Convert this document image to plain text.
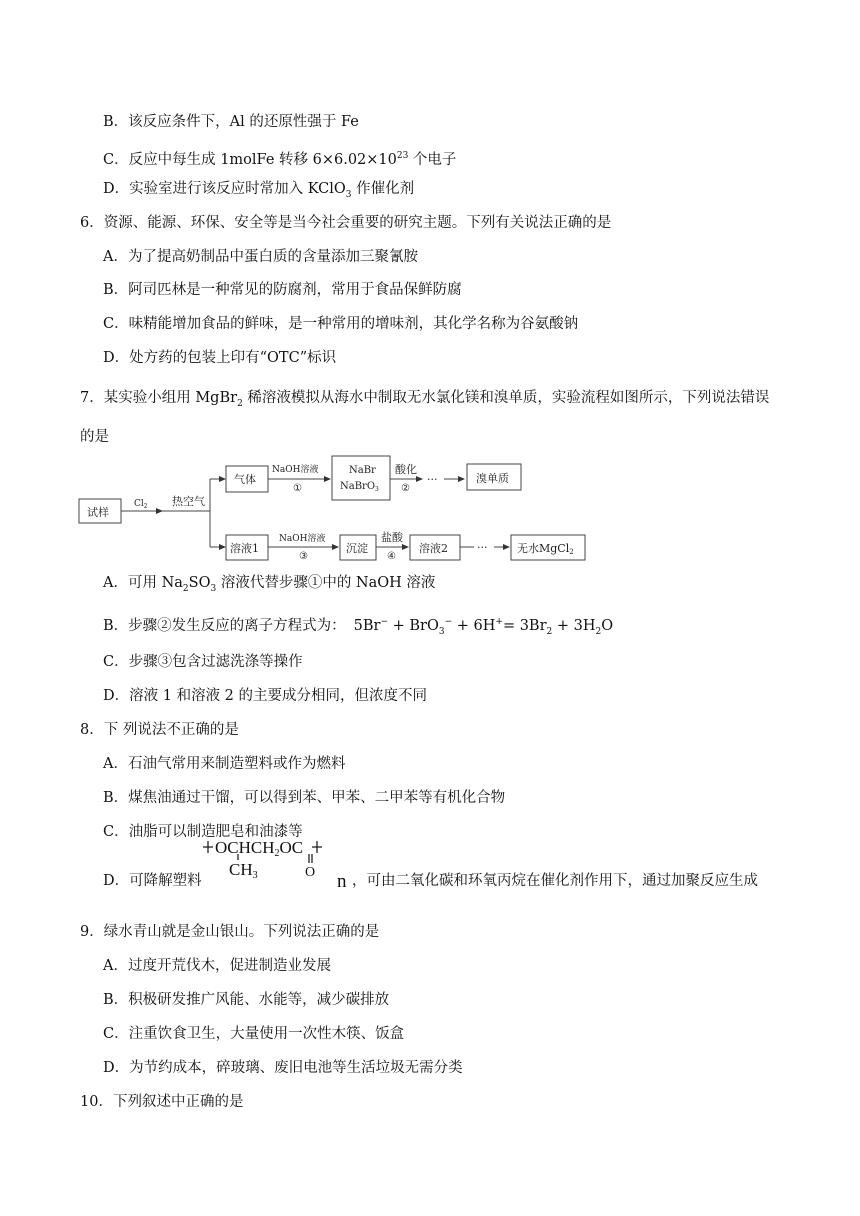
B．该反应条件下，Al 的还原性强于 Fe
C．反应中每生成 1molFe 转移 $6\times 6.02\times 10^{23}$ 个电子
D．实验室进行该反应时常加入 KClO$_3$ 作催化剂
6．资源、能源、环保、安全等是当今社会重要的研究主题。下列有关说法正确的是
A．为了提高奶制品中蛋白质的含量添加三聚氰胺
B．阿司匹林是一种常见的防腐剂，常用于食品保鲜防腐
C．味精能增加食品的鲜味，是一种常用的增味剂，其化学名称为谷氨酸钠
D．处方药的包装上印有“OTC”标识
7．某实验小组用 MgBr$_2$ 稀溶液模拟从海水中制取无水氯化镁和溴单质，实验流程如图所示，下列说法错误
的是
试样
$Cl_2$ 热空气
气体
NaOH溶液
①
NaBr
NaBrO$_3$
酸化
②
···	溴单质
溶液1
NaOH溶液
③
沉淀
盐酸
④
溶液2	···	无水MgCl2
A．可用 $Na_2SO_3$ 溶液代替步骤①中的 NaOH 溶液
B．步骤②发生反应的离子方程式为： $5Br^- + BrO_3^- + 6H^+= 3Br_2 + 3H_2O$
C．步骤③包含过滤洗涤等操作
D．溶液 1 和溶液 2 的主要成分相同，但浓度不同
8．下 列说法不正确的是
A．石油气常用来制造塑料或作为燃料
B．煤焦油通过干馏，可以得到苯、甲苯、二甲苯等有机化合物
C．油脂可以制造肥皂和油漆等
D．可降解塑料
OCHCH2OC
CH3	O n ，可由二氧化碳和环氧丙烷在催化剂作用下，通过加聚反应生成
9．绿水青山就是金山银山。下列说法正确的是
A．过度开荒伐木，促进制造业发展
B．积极研发推广风能、水能等，减少碳排放
C．注重饮食卫生，大量使用一次性木筷、饭盒
D．为节约成本，碎玻璃、废旧电池等生活垃圾无需分类
10．下列叙述中正确的是
